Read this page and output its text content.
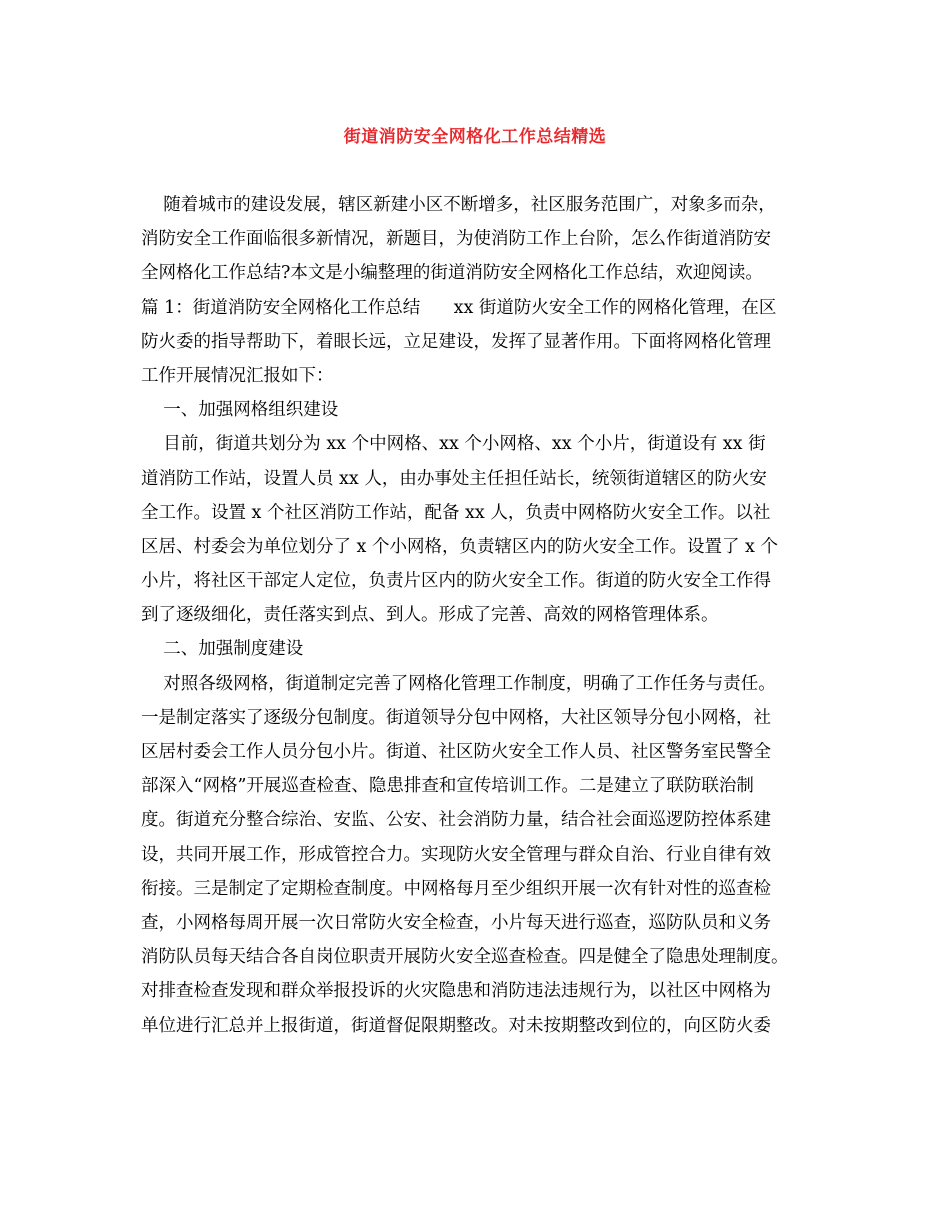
街道消防安全网格化工作总结精选
随着城市的建设发展，辖区新建小区不断增多，社区服务范围广，对象多而杂，
消防安全工作面临很多新情况，新题目，为使消防工作上台阶，怎么作街道消防安
全网格化工作总结?本文是小编整理的街道消防安全网格化工作总结，欢迎阅读。
篇 1：街道消防安全网格化工作总结      xx 街道防火安全工作的网格化管理，在区
防火委的指导帮助下，着眼长远，立足建设，发挥了显著作用。下面将网格化管理
工作开展情况汇报如下：
一、加强网格组织建设
目前，街道共划分为 xx 个中网格、xx 个小网格、xx 个小片，街道设有 xx 街
道消防工作站，设置人员 xx 人，由办事处主任担任站长，统领街道辖区的防火安
全工作。设置 x 个社区消防工作站，配备 xx 人，负责中网格防火安全工作。以社
区居、村委会为单位划分了 x 个小网格，负责辖区内的防火安全工作。设置了 x 个
小片，将社区干部定人定位，负责片区内的防火安全工作。街道的防火安全工作得
到了逐级细化，责任落实到点、到人。形成了完善、高效的网格管理体系。
二、加强制度建设
对照各级网格，街道制定完善了网格化管理工作制度，明确了工作任务与责任。
一是制定落实了逐级分包制度。街道领导分包中网格，大社区领导分包小网格，社
区居村委会工作人员分包小片。街道、社区防火安全工作人员、社区警务室民警全
部深入“网格”开展巡查检查、隐患排查和宣传培训工作。二是建立了联防联治制
度。街道充分整合综治、安监、公安、社会消防力量，结合社会面巡逻防控体系建
设，共同开展工作，形成管控合力。实现防火安全管理与群众自治、行业自律有效
衔接。三是制定了定期检查制度。中网格每月至少组织开展一次有针对性的巡查检
查，小网格每周开展一次日常防火安全检查，小片每天进行巡查，巡防队员和义务
消防队员每天结合各自岗位职责开展防火安全巡查检查。四是健全了隐患处理制度。
对排查检查发现和群众举报投诉的火灾隐患和消防违法违规行为，以社区中网格为
单位进行汇总并上报街道，街道督促限期整改。对未按期整改到位的，向区防火委
